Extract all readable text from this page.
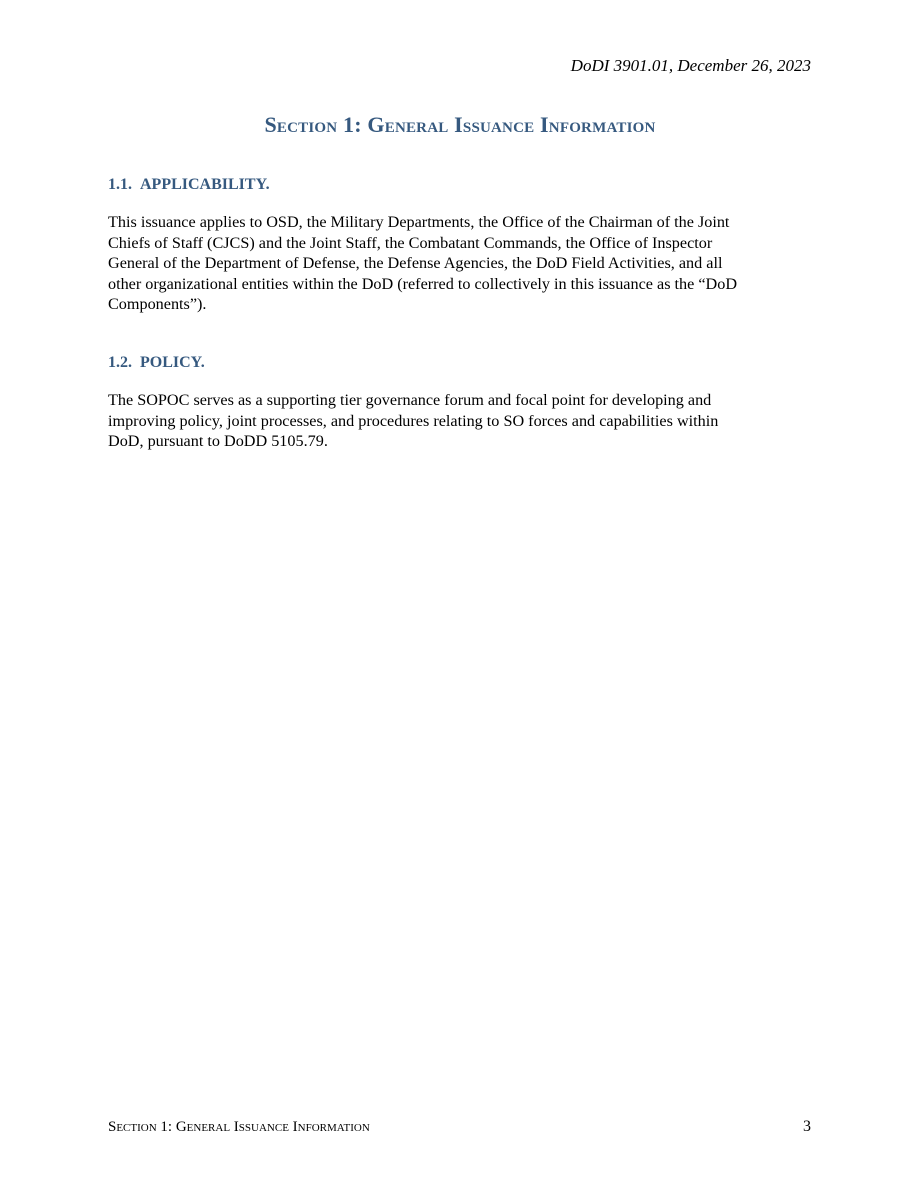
DoDI 3901.01, December 26, 2023
Section 1: General Issuance Information
1.1. APPLICABILITY.
This issuance applies to OSD, the Military Departments, the Office of the Chairman of the Joint
Chiefs of Staff (CJCS) and the Joint Staff, the Combatant Commands, the Office of Inspector
General of the Department of Defense, the Defense Agencies, the DoD Field Activities, and all
other organizational entities within the DoD (referred to collectively in this issuance as the “DoD
Components”).
1.2. POLICY.
The SOPOC serves as a supporting tier governance forum and focal point for developing and
improving policy, joint processes, and procedures relating to SO forces and capabilities within
DoD, pursuant to DoDD 5105.79.
Section 1: General Issuance Information	3
